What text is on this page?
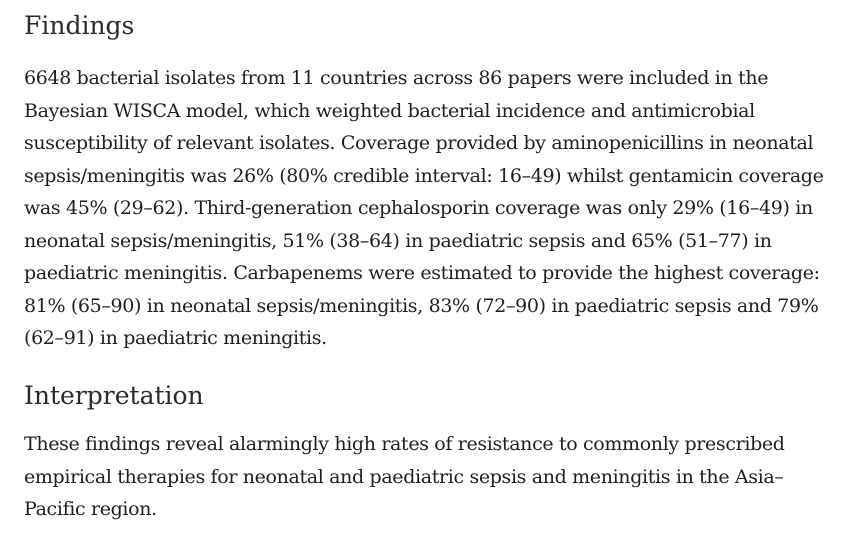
Findings

6648 bacterial isolates from 11 countries across 86 papers were included in the Bayesian WISCA model, which weighted bacterial incidence and antimicrobial susceptibility of relevant isolates. Coverage provided by aminopenicillins in neonatal sepsis/meningitis was 26% (80% credible interval: 16–49) whilst gentamicin coverage was 45% (29–62). Third-generation cephalosporin coverage was only 29% (16–49) in neonatal sepsis/meningitis, 51% (38–64) in paediatric sepsis and 65% (51–77) in paediatric meningitis. Carbapenems were estimated to provide the highest coverage: 81% (65–90) in neonatal sepsis/meningitis, 83% (72–90) in paediatric sepsis and 79% (62–91) in paediatric meningitis.

Interpretation

These findings reveal alarmingly high rates of resistance to commonly prescribed empirical therapies for neonatal and paediatric sepsis and meningitis in the Asia–Pacific region.
